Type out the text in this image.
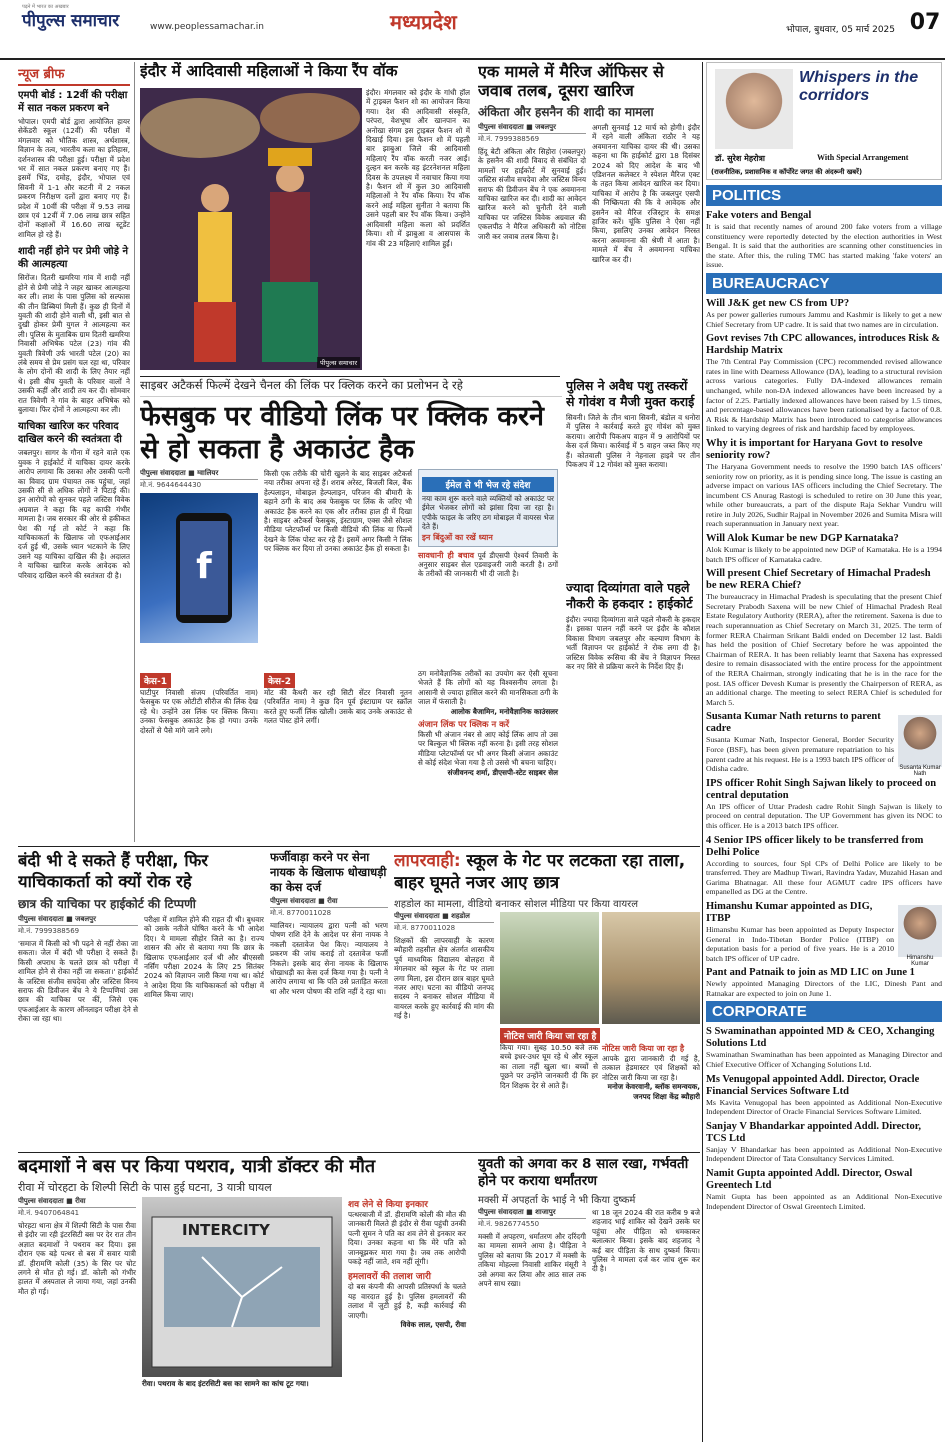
पढ़ने में भारत का अखबार
पीपुल्स समाचार	www.peoplessamachar.in	मध्यप्रदेश	भोपाल, बुधवार, 05 मार्च 2025 07
न्यूज ब्रीफ
एमपी बोर्ड : 12वीं की परीक्षा में सात नकल प्रकरण बने
भोपाल। एमपी बोर्ड द्वारा आयोजित हायर सेकेंडरी स्कूल (12वीं) की परीक्षा में मंगलवार को भौतिक शास्त्र, अर्थशास्त्र, विज्ञान के तत्व, भारतीय कला का इतिहास, दर्शनशास्त्र की परीक्षा हुई। परीक्षा में प्रदेश भर में सात नकल प्रकरण बनाए गए हैं। इसमें भिंड, दमोह, इंदौर, भोपाल एवं सिवनी में 1-1 और कटनी में 2 नकल प्रकरण निरीक्षण दलों द्वारा बनाए गए हैं। प्रदेश में 10वीं की परीक्षा में 9.53 लाख छात्र एवं 12वीं में 7.06 लाख छात्र सहित दोनों कक्षाओं में 16.60 लाख स्टूडेंट शामिल हो रहे हैं।
शादी नहीं होने पर प्रेमी जोड़े ने की आत्महत्या
सिरोंज। दितरी खमरिया गांव में शादी नहीं होने से प्रेमी जोड़े ने जहर खाकर आत्महत्या कर ली। लाश के पास पुलिस को सल्फास की तीन डिब्बियां मिली हैं। कुछ ही दिनों में युवती की शादी होने वाली थी, इसी बात से दुखी होकर प्रेमी युगल ने आत्महत्या कर ली। पुलिस के मुताबिक ग्राम दितरी खमरिया निवासी अभिषेक पटेल (23) गांव की युवती त्रिवेणी उर्फ भारती पटेल (20) का लंबे समय से प्रेम प्रसंग चल रहा था, परिवार के लोग दोनों की शादी के लिए तैयार नहीं थे। इसी बीच युवती के परिवार वालों ने उसकी कहीं और शादी तय कर दी। सोमवार रात त्रिवेणी ने गांव के बाहर अभिषेक को बुलाया। फिर दोनों ने आत्महत्या कर ली।
याचिका खारिज कर परिवाद दाखिल करने की स्वतंत्रता दी
जबलपुर। सागर के गौना में रहने वाले एक युवक ने हाईकोर्ट में याचिका दायर करके आरोप लगाया कि उसका और उसकी पत्नी का विवाद ग्राम पंचायत तक पहुंचा, जहां उसकी सी से अधिक लोगों ने पिटाई की। इन आरोपों को सुनकर पहले जस्टिस विवेक अग्रवाल ने कहा कि यह काफी गंभीर मामला है। जब सरकार की ओर से हकीकत पेश की गई तो कोर्ट ने कहा कि याचिकाकर्ता के खिलाफ जो एफआईआर दर्ज हुई थी, उसके ध्यान भटकाने के लिए उसने यह याचिका दाखिल की है। अदालत ने याचिका खारिज करके आवेदक को परिवाद दाखिल करने की स्वतंत्रता दी है।
इंदौर में आदिवासी महिलाओं ने किया रैंप वॉक
पीपुल्स समाचार
इंदौर। मंगलवार को इंदौर के गांधी हॉल में ट्राइबल फैशन शो का आयोजन किया गया। देश की आदिवासी संस्कृति, परंपरा, वेशभूषा और खानपान का अनोखा संगम इस ट्राइबल फैशन शो में दिखाई दिया। इस फैशन शो में पहली बार झाबुआ जिले की आदिवासी महिलाएं रैंप वॉक करती नजर आईं। दुल्हन बन करके वह इंटरनेशनल महिला दिवस के उपलक्ष्य में नवाचार किया गया है। फैशन शो में कुल 30 आदिवासी महिलाओं ने रैंप वॉक किया। रैंप वॉक करने आई महिला सुनीता ने बताया कि उसने पहली बार रैंप वॉक किया। उन्होंने आदिवासी महिला कला को प्रदर्शित किया। शो में झाबुआ व आसपास के गांव की 23 महिलाएं शामिल हुईं।
एक मामले में मैरिज ऑफिसर से जवाब तलब, दूसरा खारिज
अंकिता और हसनैन की शादी का मामला
पीपुल्स संवाददाता ■ जबलपुर
मो.नं. 7999388569
हिंदू बेटी अंकिता और सिहोरा (जबलपुर) के हसनैन की शादी विवाद से संबंधित दो मामलों पर हाईकोर्ट में सुनवाई हुई। जस्टिस संजीव सचदेवा और जस्टिस विनय सराफ की डिवीजन बेंच ने एक अवमानना याचिका खारिज कर दी। शादी का आवेदन खारिज करने को चुनौती देने वाली याचिका पर जस्टिस विवेक अग्रवाल की एकलपीठ ने मैरिज अधिकारी को नोटिस जारी कर जवाब तलब किया है।
अगली सुनवाई 12 मार्च को होगी। इंदौर में रहने वाली अंकिता राठौर ने यह अवमानना याचिका दायर की थी। उसका कहना था कि हाईकोर्ट द्वारा 18 दिसंबर 2024 को दिए आदेश के बाद भी एडिशनल कलेक्टर ने स्पेशल मैरिज एक्ट के तहत किया आवेदन खारिज कर दिया। याचिका में आरोप है कि जबलपुर एसपी की निष्क्रियता की कि वे आवेदक और हसनैन को मैरिज रजिस्ट्रार के समक्ष हाजिर करें। चूंकि पुलिस ने ऐसा नहीं किया, इसलिए उनका आवेदन निरस्त करना अवमानना की श्रेणी में आता है। मामले में बेंच ने अवमानना याचिका खारिज कर दी।
साइबर अटैकर्स फिल्में देखने चैनल की लिंक पर क्लिक करने का प्रलोभन दे रहे
फेसबुक पर वीडियो लिंक पर क्लिक करने से हो सकता है अकाउंट हैक
पीपुल्स संवाददाता ■ ग्वालियर
मो.नं. 9644644430
f
किसी एक तरीके की चोरी खुलने के बाद साइबर अटैकर्स नया तरीका अपना रहे हैं। शराब अरेस्ट, बिजली बिल, बैंक हेल्पलाइन, मोबाइल हेल्पलाइन, परिजन की बीमारी के बहाने ठगी के बाद अब फेसबुक पर लिंक के जरिए भी अकाउंट हैक करने का एक और तरीका हाल ही में दिखा है। साइबर अटैकर्स फेसबुक, इंस्टाग्राम, एक्स जैसे सोशल मीडिया प्लेटफॉर्म्स पर किसी वीडियो की लिंक या फिल्में देखने के लिंक पोस्ट कर रहे हैं। इसमें अगर किसी ने लिंक पर क्लिक कर दिया तो उनका अकाउंट हैक हो सकता है।
ईमेल से भी भेज रहे संदेश
नया काम शुरू करने वाले व्यक्तियों को अकाउंट पर ईमेल भेजकर लोगों को झांसा दिया जा रहा है। एपीके फाइल के जरिए ठग मोबाइल में वायरस भेज देते हैं।
इन बिंदुओं का रखें ध्यान
सावधानी ही बचाव पूर्व डीएसपी ऐश्वर्य तिवारी के अनुसार साइबर सेल एडवाइजरी जारी करती है। ठगों के तरीकों की जानकारी भी दी जाती है।
केस-1
घाटीपुर निवासी संजय (परिवर्तित नाम) फेसबुक पर एक ओटीटी सीरीज की लिंक देख रहे थे। उन्होंने उस लिंक पर क्लिक किया। उनका फेसबुक अकाउंट हैक हो गया। उनके दोस्तों से पैसे मांगे जाने लगे।
केस-2
मोंट की कैथरी कर रही सिटी सेंटर निवासी नूतन (परिवर्तित नाम) ने कुछ दिन पूर्व इंस्टाग्राम पर स्क्रॉल करते हुए फर्जी लिंक खोली। उसके बाद उनके अकाउंट से गलत पोस्ट होने लगीं।
ठग मनोवैज्ञानिक तरीकों का उपयोग कर ऐसी सूचना भेजते हैं कि लोगों को यह विश्वसनीय लगता है। आसानी से ज्यादा हासिल करने की मानसिकता ठगी के जाल में फंसाती है।
आलोक बैजामिन, मनोवैज्ञानिक काउंसलर
अंजान लिंक पर क्लिक न करें
किसी भी अंजान नंबर से आए कोई लिंक आप तो उस पर बिल्कुल भी क्लिक नहीं करना है। इसी तरह सोशल मीडिया प्लेटफॉर्म्स पर भी अगर किसी अंजान अकाउंट से कोई संदेश भेजा गया है तो उससे भी बचना चाहिए।
संजीवनन्द शर्मा, डीएसपी-स्टेट साइबर सेल
पुलिस ने अवैध पशु तस्करों से गोवंश व मैजी मुक्त कराई
सिवनी। जिले के तीन थाना सिवनी, बंडोल व धनोरा में पुलिस ने कार्रवाई करते हुए गोवंश को मुक्त कराया। आरोपी पिकअप वाहन में 9 आरोपियों पर केस दर्ज किया। कार्रवाई में 5 वाहन जब्त किए गए हैं। कोतवाली पुलिस ने नेहनाला हाइवे पर तीन पिकअप में 12 गोवंश को मुक्त कराया।
ज्यादा दिव्यांगता वाले पहले नौकरी के हकदार : हाईकोर्ट
इंदौर। ज्यादा दिव्यांगता वाले पहले नौकरी के हकदार हैं। इसका पालन नहीं करने पर इंदौर के कौशल विकास विभाग जबलपुर और कल्याण विभाग के भर्ती विज्ञापन पर हाईकोर्ट ने रोक लगा दी है। जस्टिस विवेक रूसिया की बेंच ने विज्ञापन निरस्त कर नए सिरे से प्रक्रिया करने के निर्देश दिए हैं।
बंदी भी दे सकते हैं परीक्षा, फिर याचिकाकर्ता को क्यों रोक रहे
छात्र की याचिका पर हाईकोर्ट की टिप्पणी
पीपुल्स संवाददाता ■ जबलपुर
मो.नं. 7999388569
'समाज में किसी को भी पढ़ने से नहीं रोका जा सकता। जेल में बंदी भी परीक्षा दे सकते हैं। किसी अपराध के चलते छात्र को परीक्षा में शामिल होने से रोका नहीं जा सकता।' हाईकोर्ट के जस्टिस संजीव सचदेवा और जस्टिस विनय सराफ की डिवीजन बेंच ने ये टिप्पणियां उस छात्र की याचिका पर कीं, जिसे एक एफआईआर के कारण ऑनलाइन परीक्षा देने से रोका जा रहा था।
परीक्षा में शामिल होने की राहत दी थी। बुधवार को उसके नतीजे घोषित करने के भी आदेश दिए। ये मामला सीहोर जिले का है। राज्य शासन की ओर से बताया गया कि छात्र के खिलाफ एफआईआर दर्ज थी और बीएससी नर्सिंग परीक्षा 2024 के लिए 25 सितंबर 2024 को विज्ञापन जारी किया गया था। कोर्ट ने आदेश दिया कि याचिकाकर्ता को परीक्षा में शामिल किया जाए।
फर्जीवाड़ा करने पर सेना नायक के खिलाफ धोखाधड़ी का केस दर्ज
पीपुल्स संवाददाता ■ रीवा
मो.नं. 8770011028
ग्वालियर। न्यायालय द्वारा पत्नी को भरण पोषण राशि देने के आदेश पर सेना नायक ने नकली दस्तावेज पेश किए। न्यायालय ने प्रकरण की जांच कराई तो दस्तावेज फर्जी निकले। इसके बाद सेना नायक के खिलाफ धोखाधड़ी का केस दर्ज किया गया है। पत्नी ने आरोप लगाया था कि पति उसे प्रताड़ित करता था और भरण पोषण की राशि नहीं दे रहा था।
लापरवाही: स्कूल के गेट पर लटकता रहा ताला, बाहर घूमते नजर आए छात्र
शहडोल का मामला, वीडियो बनाकर सोशल मीडिया पर किया वायरल
पीपुल्स संवाददाता ■ शहडोल
मो.नं. 8770011028
शिक्षकों की लापरवाही के कारण ब्यौहारी तहसील क्षेत्र अंतर्गत शासकीय पूर्व माध्यमिक विद्यालय बोलहरा में मंगलवार को स्कूल के गेट पर ताला लगा मिला, इस दौरान छात्र बाहर घूमते नजर आए। घटना का वीडियो जनपद सदस्य ने बनाकर सोशल मीडिया में वायरल करके हुए कार्रवाई की मांग की गई है।
नोटिस जारी किया जा रहा है
किया गया। सुबह 10.50 बजे तक बच्चे इधर-उधर घूम रहे थे और स्कूल का ताला नहीं खुला था। बच्चों से पूछने पर उन्होंने जानकारी दी कि हर दिन शिक्षक देर से आते हैं।
नोटिस जारी किया जा रहा है
आपके द्वारा जानकारी दी गई है, तत्काल हेडमास्टर एवं शिक्षकों को नोटिस जारी किया जा रहा है।
मनोज केवरवानी, ब्लॉक समन्वयक, जनपद शिक्षा केंद्र ब्यौहारी
बदमाशों ने बस पर किया पथराव, यात्री डॉक्टर की मौत
रीवा में चोरहटा के शिल्पी सिटी के पास हुई घटना, 3 यात्री घायल
पीपुल्स संवाददाता ■ रीवा
मो.नं. 9407064841
चोरहटा थाना क्षेत्र में शिल्पी सिटी के पास रीवा से इंदौर जा रही इंटरसिटी बस पर देर रात तीन अज्ञात बदमाशों ने पथराव कर दिया। इस दौरान एक बड़े पत्थर से बस में सवार यात्री डॉ. हीरामणि कोली (35) के सिर पर चोट लगने से मौत हो गई। डॉ. कोली को गंभीर हालत में अस्पताल ले जाया गया, जहां उनकी मौत हो गई।
INTERCITY
रीवा। पथराव के बाद इंटरसिटी बस का सामने का कांच टूट गया।
शव लेने से किया इनकार
पत्थरबाजी में डॉ. हीरामणि कोली की मौत की जानकारी मिलते ही इंदौर से रीवा पहुंची उनकी पत्नी सुमन ने पति का शव लेने से इनकार कर दिया। उनका कहना था कि मेरे पति को जानबूझकर मारा गया है। जब तक आरोपी पकड़े नहीं जाते, शव नहीं लूंगी।
हमलावरों की तलाश जारी
दो बस कंपनी की आपसी प्रतिस्पर्धा के चलते यह वारदात हुई है। पुलिस हमलावरों की तलाश में जुटी हुई है, कड़ी कार्रवाई की जाएगी।
विवेक लाल, एसपी, रीवा
युवती को अगवा कर 8 साल रखा, गर्भवती होने पर कराया धर्मांतरण
मक्सी में अपहर्ता के भाई ने भी किया दुष्कर्म
पीपुल्स संवाददाता ■ शाजापुर
मो.नं. 9826774550
मक्सी में अपहरण, धर्मांतरण और दरिंदगी का मामला सामने आया है। पीड़िता ने पुलिस को बताया कि 2017 में मक्सी के तकिया मोहल्ला निवासी शाकिर मंसूरी ने उसे अगवा कर लिया और आठ साल तक अपने साथ रखा।
था 18 जून 2024 की रात करीब 9 बजे शहजाद भाई शाकिर को देखने उसके घर पहुंचा और पीड़िता को धमकाकर बलात्कार किया। इसके बाद शहजाद ने कई बार पीड़िता के साथ दुष्कर्म किया। पुलिस ने मामला दर्ज कर जांच शुरू कर दी है।
Whispers in the corridors
डॉ. सुरेश मेहरोत्रा	With Special Arrangement
(राजनीतिक, प्रशासनिक व कॉर्पोरेट जगत की अंदरूनी खबरें)
POLITICS
Fake voters and Bengal
It is said that recently names of around 200 fake voters from a village constituency were reportedly detected by the election authorities in West Bengal. It is said that the authorities are scanning other constituencies in the state. After this, the ruling TMC has started making 'fake voters' an issue.
BUREAUCRACY
Will J&K get new CS from UP?
As per power galleries rumours Jammu and Kashmir is likely to get a new Chief Secretary from UP cadre. It is said that two names are in circulation.
Govt revises 7th CPC allowances, introduces Risk & Hardship Matrix
The 7th Central Pay Commission (CPC) recommended revised allowance rates in line with Dearness Allowance (DA), leading to a structural revision across various categories. Fully DA-indexed allowances remain unchanged, while non-DA indexed allowances have been increased by a factor of 2.25. Partially indexed allowances have been raised by 1.5 times, and percentage-based allowances have been rationalised by a factor of 0.8. A Risk & Hardship Matrix has been introduced to categorise allowances linked to varying degrees of risk and hardship faced by employees.
Why it is important for Haryana Govt to resolve seniority row?
The Haryana Government needs to resolve the 1990 batch IAS officers' seniority row on priority, as it is pending since long. The issue is casting an adverse impact on various IAS officers including the Chief Secretary. The incumbent CS Anurag Rastogi is scheduled to retire on 30 June this year, while other bureaucrats, a part of the dispute Raja Sekhar Vundru will retire in July 2026, Sudhir Rajpal in November 2026 and Sumita Misra will reach superannuation in January next year.
Will Alok Kumar be new DGP Karnataka?
Alok Kumar is likely to be appointed new DGP of Karnataka. He is a 1994 batch IPS officer of Karnataka cadre.
Will present Chief Secretary of Himachal Pradesh be new RERA Chief?
The bureaucracy in Himachal Pradesh is speculating that the present Chief Secretary Prabodh Saxena will be new Chief of Himachal Pradesh Real Estate Regulatory Authority (RERA), after the retirement. Saxena is due to reach superannuation as Chief Secretary on March 31, 2025. The term of former RERA Chairman Srikant Baldi ended on December 12 last. Baldi has held the position of Chief Secretary before he was appointed the Chairman of RERA. It has been reliably learnt that Saxena has expressed desire to remain disassociated with the entire process for the appointment of the RERA Chairman, strongly indicating that he is in the race for the post. IAS officer Devesh Kumar is presently the Chairperson of RERA, as an additional charge. The meeting to select RERA Chief is scheduled for March 5.
Susanta Kumar Nath
Susanta Kumar Nath returns to parent cadre
Susanta Kumar Nath, Inspector General, Border Security Force (BSF), has been given premature repatriation to his parent cadre at his request. He is a 1993 batch IPS officer of Odisha cadre.
IPS officer Rohit Singh Sajwan likely to proceed on central deputation
An IPS officer of Uttar Pradesh cadre Rohit Singh Sajwan is likely to proceed on central deputation. The UP Government has given its NOC to this officer. He is a 2013 batch IPS officer.
4 Senior IPS officer likely to be transferred from Delhi Police
According to sources, four Spl CPs of Delhi Police are likely to be transferred. They are Madhup Tiwari, Ravindra Yadav, Muzahid Hasan and Garima Bhatnagar. All these four AGMUT cadre IPS officers have empanelled as DG at the Centre.
Himanshu Kumar
Himanshu Kumar appointed as DIG, ITBP
Himanshu Kumar has been appointed as Deputy Inspector General in Indo-Tibetan Border Police (ITBP) on deputation basis for a period of five years. He is a 2010 batch IPS officer of UP cadre.
Pant and Patnaik to join as MD LIC on June 1
Newly appointed Managing Directors of the LIC, Dinesh Pant and Ratnakar are expected to join on June 1.
CORPORATE
S Swaminathan appointed MD & CEO, Xchanging Solutions Ltd
Swaminathan Swaminathan has been appointed as Managing Director and Chief Executive Officer of Xchanging Solutions Ltd.
Ms Venugopal appointed Addl. Director, Oracle Financial Services Software Ltd
Ms Kavita Venugopal has been appointed as Additional Non-Executive Independent Director of Oracle Financial Services Software Limited.
Sanjay V Bhandarkar appointed Addl. Director, TCS Ltd
Sanjay V Bhandarkar has been appointed as Additional Non-Executive Independent Director of Tata Consultancy Services Limited.
Namit Gupta appointed Addl. Director, Oswal Greentech Ltd
Namit Gupta has been appointed as an Additional Non-Executive Independent Director of Oswal Greentech Limited.
